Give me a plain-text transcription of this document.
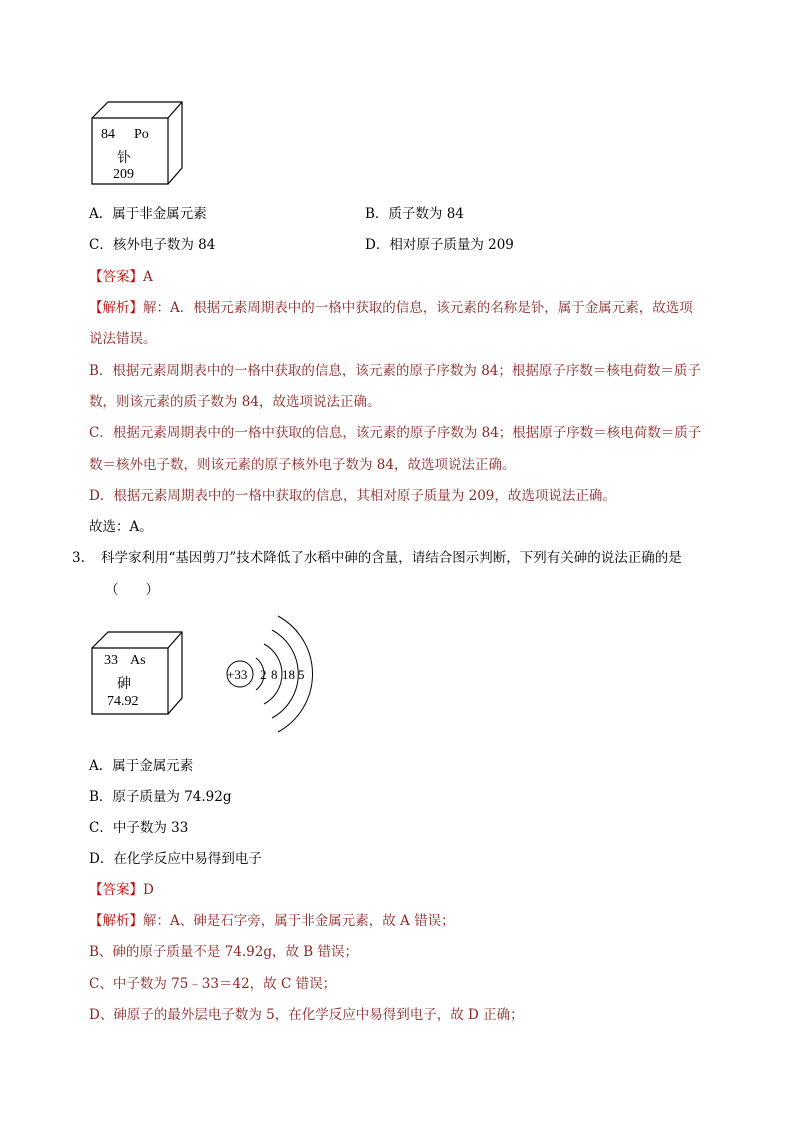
84 Po
钋
209
A．属于非金属元素	B．质子数为 84
C．核外电子数为 84	D．相对原子质量为 209
【答案】A
【解析】解：A．根据元素周期表中的一格中获取的信息，该元素的名称是钋，属于金属元素，故选项
说法错误。
B．根据元素周期表中的一格中获取的信息，该元素的原子序数为 84；根据原子序数＝核电荷数＝质子
数，则该元素的质子数为 84，故选项说法正确。
C．根据元素周期表中的一格中获取的信息，该元素的原子序数为 84；根据原子序数＝核电荷数＝质子
数＝核外电子数，则该元素的原子核外电子数为 84，故选项说法正确。
D．根据元素周期表中的一格中获取的信息，其相对原子质量为 209，故选项说法正确。
故选：A。
3. 科学家利用“基因剪刀”技术降低了水稻中砷的含量，请结合图示判断，下列有关砷的说法正确的是
（　　）
33 As
砷
74.92
+33 2 8 18 5
A．属于金属元素
B．原子质量为 74.92g
C．中子数为 33
D．在化学反应中易得到电子
【答案】D
【解析】解：A、砷是石字旁，属于非金属元素，故 A 错误；
B、砷的原子质量不是 74.92g，故 B 错误；
C、中子数为 75﹣33＝42，故 C 错误；
D、砷原子的最外层电子数为 5，在化学反应中易得到电子，故 D 正确；
